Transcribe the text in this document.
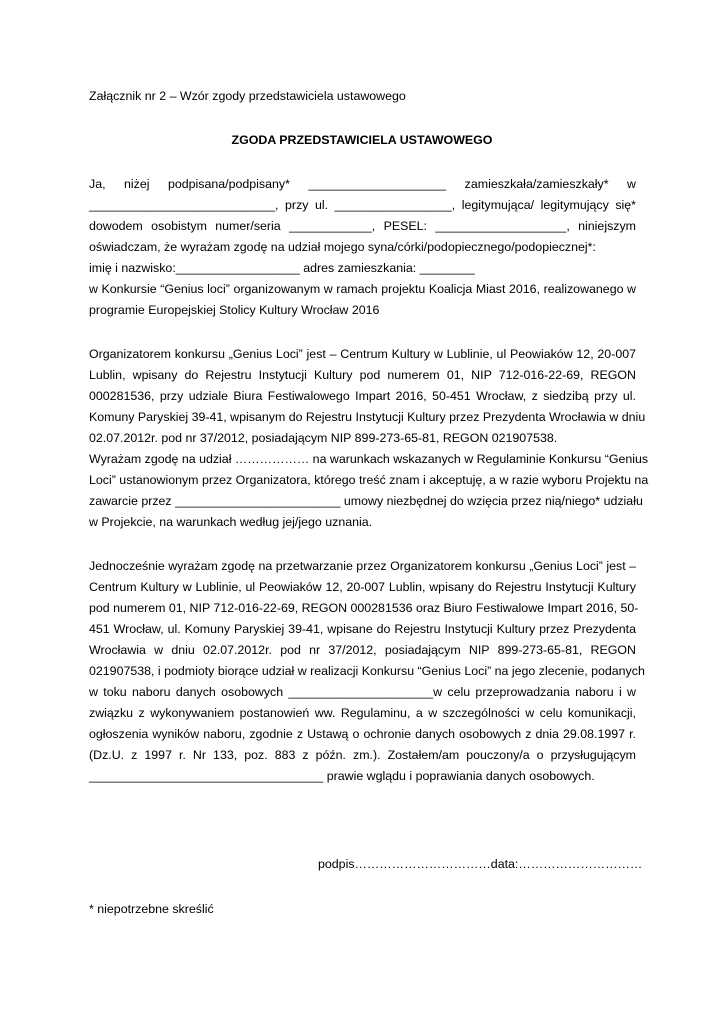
Załącznik nr 2 – Wzór zgody przedstawiciela ustawowego
ZGODA PRZEDSTAWICIELA USTAWOWEGO
Ja, niżej podpisana/podpisany* ____________________ zamieszkała/zamieszkały* w
___________________________, przy ul. _________________, legitymująca/ legitymujący się*
dowodem osobistym numer/seria ____________, PESEL: ___________________, niniejszym
oświadczam, że wyrażam zgodę na udział mojego syna/córki/podopiecznego/podopiecznej*:
imię i nazwisko:__________________ adres zamieszkania: ________
w Konkursie “Genius loci” organizowanym w ramach projektu Koalicja Miast 2016, realizowanego w
programie Europejskiej Stolicy Kultury Wrocław 2016
Organizatorem konkursu „Genius Loci” jest – Centrum Kultury w Lublinie, ul Peowiaków 12, 20-007
Lublin, wpisany do Rejestru Instytucji Kultury pod numerem 01, NIP 712-016-22-69, REGON
000281536, przy udziale Biura Festiwalowego Impart 2016, 50-451 Wrocław, z siedzibą przy ul.
Komuny Paryskiej 39-41, wpisanym do Rejestru Instytucji Kultury przez Prezydenta Wrocławia w dniu
02.07.2012r. pod nr 37/2012, posiadającym NIP 899-273-65-81, REGON 021907538.
Wyrażam zgodę na udział ……………… na warunkach wskazanych w Regulaminie Konkursu “Genius
Loci” ustanowionym przez Organizatora, którego treść znam i akceptuję, a w razie wyboru Projektu na
zawarcie przez ________________________ umowy niezbędnej do wzięcia przez nią/niego* udziału
w Projekcie, na warunkach według jej/jego uznania.
Jednocześnie wyrażam zgodę na przetwarzanie przez Organizatorem konkursu „Genius Loci” jest –
Centrum Kultury w Lublinie, ul Peowiaków 12, 20-007 Lublin, wpisany do Rejestru Instytucji Kultury
pod numerem 01, NIP 712-016-22-69, REGON 000281536 oraz Biuro Festiwalowe Impart 2016, 50-
451 Wrocław, ul. Komuny Paryskiej 39-41, wpisane do Rejestru Instytucji Kultury przez Prezydenta
Wrocławia w dniu 02.07.2012r. pod nr 37/2012, posiadającym NIP 899-273-65-81, REGON
021907538, i podmioty biorące udział w realizacji Konkursu “Genius Loci” na jego zlecenie, podanych
w toku naboru danych osobowych _____________________w celu przeprowadzania naboru i w
związku z wykonywaniem postanowień ww. Regulaminu, a w szczególności w celu komunikacji,
ogłoszenia wyników naboru, zgodnie z Ustawą o ochronie danych osobowych z dnia 29.08.1997 r.
(Dz.U. z 1997 r. Nr 133, poz. 883 z późn. zm.). Zostałem/am pouczony/a o przysługującym
__________________________________ prawie wglądu i poprawiania danych osobowych.
podpis……………………………data:…………………………
* niepotrzebne skreślić
